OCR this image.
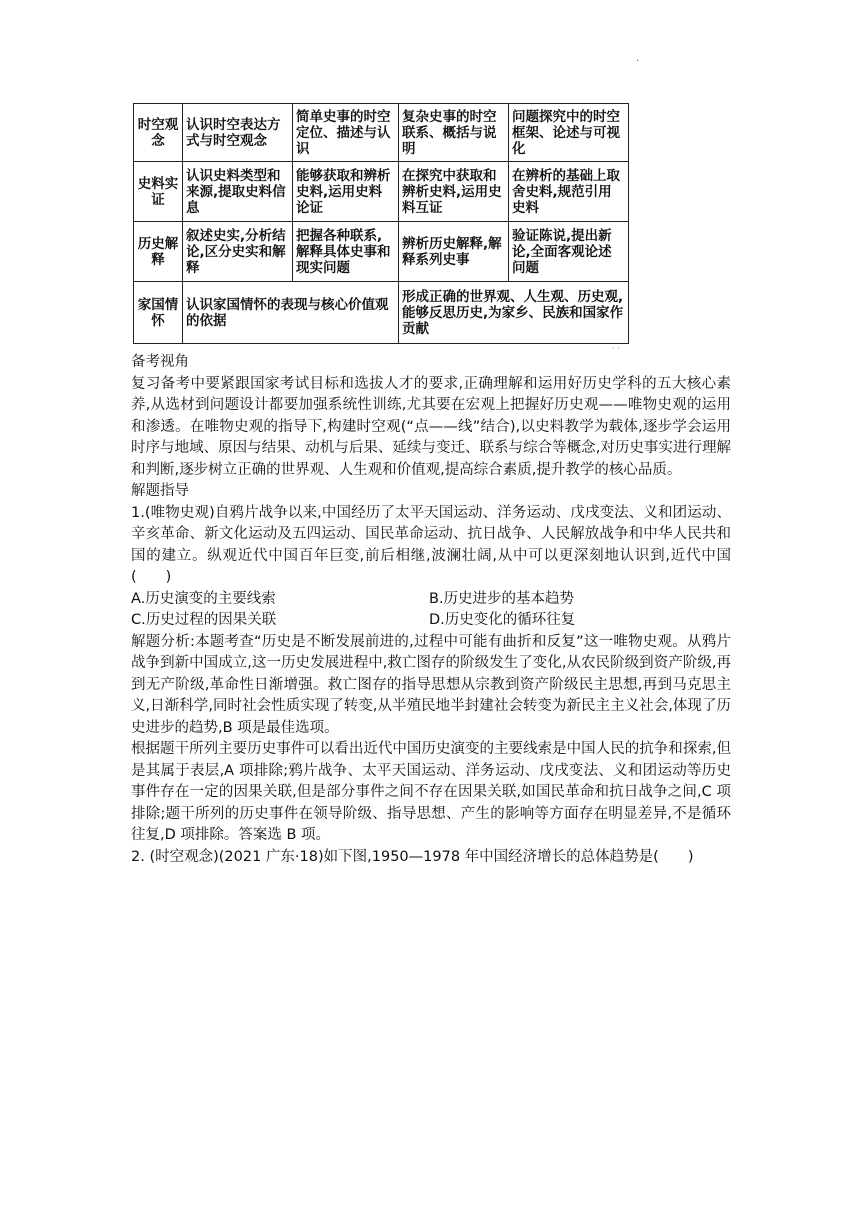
·
时空观念	认识时空表达方式与时空观念	简单史事的时空定位、描述与认识	复杂史事的时空联系、概括与说明	问题探究中的时空框架、论述与可视化
史料实证	认识史料类型和来源,提取史料信息	能够获取和辨析史料,运用史料论证	在探究中获取和辨析史料,运用史料互证	在辨析的基础上取舍史料,规范引用史料
历史解释	叙述史实,分析结论,区分史实和解释	把握各种联系,解释具体史事和现实问题	辨析历史解释,解释系列史事	验证陈说,提出新论,全面客观论述问题
家国情怀	认识家国情怀的表现与核心价值观的依据		形成正确的世界观、人生观、历史观,能够反思历史,为家乡、民族和国家作贡献	
· ·

备考视角

复习备考中要紧跟国家考试目标和选拔人才的要求,正确理解和运用好历史学科的五大核心素养,从选材到问题设计都要加强系统性训练,尤其要在宏观上把握好历史观——唯物史观的运用和渗透。在唯物史观的指导下,构建时空观(“点——线”结合),以史料教学为载体,逐步学会运用时序与地域、原因与结果、动机与后果、延续与变迁、联系与综合等概念,对历史事实进行理解和判断,逐步树立正确的世界观、人生观和价值观,提高综合素质,提升教学的核心品质。

解题指导

1.(唯物史观)自鸦片战争以来,中国经历了太平天国运动、洋务运动、戊戌变法、义和团运动、辛亥革命、新文化运动及五四运动、国民革命运动、抗日战争、人民解放战争和中华人民共和国的建立。纵观近代中国百年巨变,前后相继,波澜壮阔,从中可以更深刻地认识到,近代中国(　　)

A.历史演变的主要线索	B.历史进步的基本趋势
C.历史过程的因果关联	D.历史变化的循环往复

解题分析:本题考查“历史是不断发展前进的,过程中可能有曲折和反复”这一唯物史观。从鸦片战争到新中国成立,这一历史发展进程中,救亡图存的阶级发生了变化,从农民阶级到资产阶级,再到无产阶级,革命性日渐增强。救亡图存的指导思想从宗教到资产阶级民主思想,再到马克思主义,日渐科学,同时社会性质实现了转变,从半殖民地半封建社会转变为新民主主义社会,体现了历史进步的趋势,B 项是最佳选项。

根据题干所列主要历史事件可以看出近代中国历史演变的主要线索是中国人民的抗争和探索,但是其属于表层,A 项排除;鸦片战争、太平天国运动、洋务运动、戊戌变法、义和团运动等历史事件存在一定的因果关联,但是部分事件之间不存在因果关联,如国民革命和抗日战争之间,C 项排除;题干所列的历史事件在领导阶级、指导思想、产生的影响等方面存在明显差异,不是循环往复,D 项排除。答案选 B 项。

2. (时空观念)(2021 广东·18)如下图,1950—1978 年中国经济增长的总体趋势是(　　)
